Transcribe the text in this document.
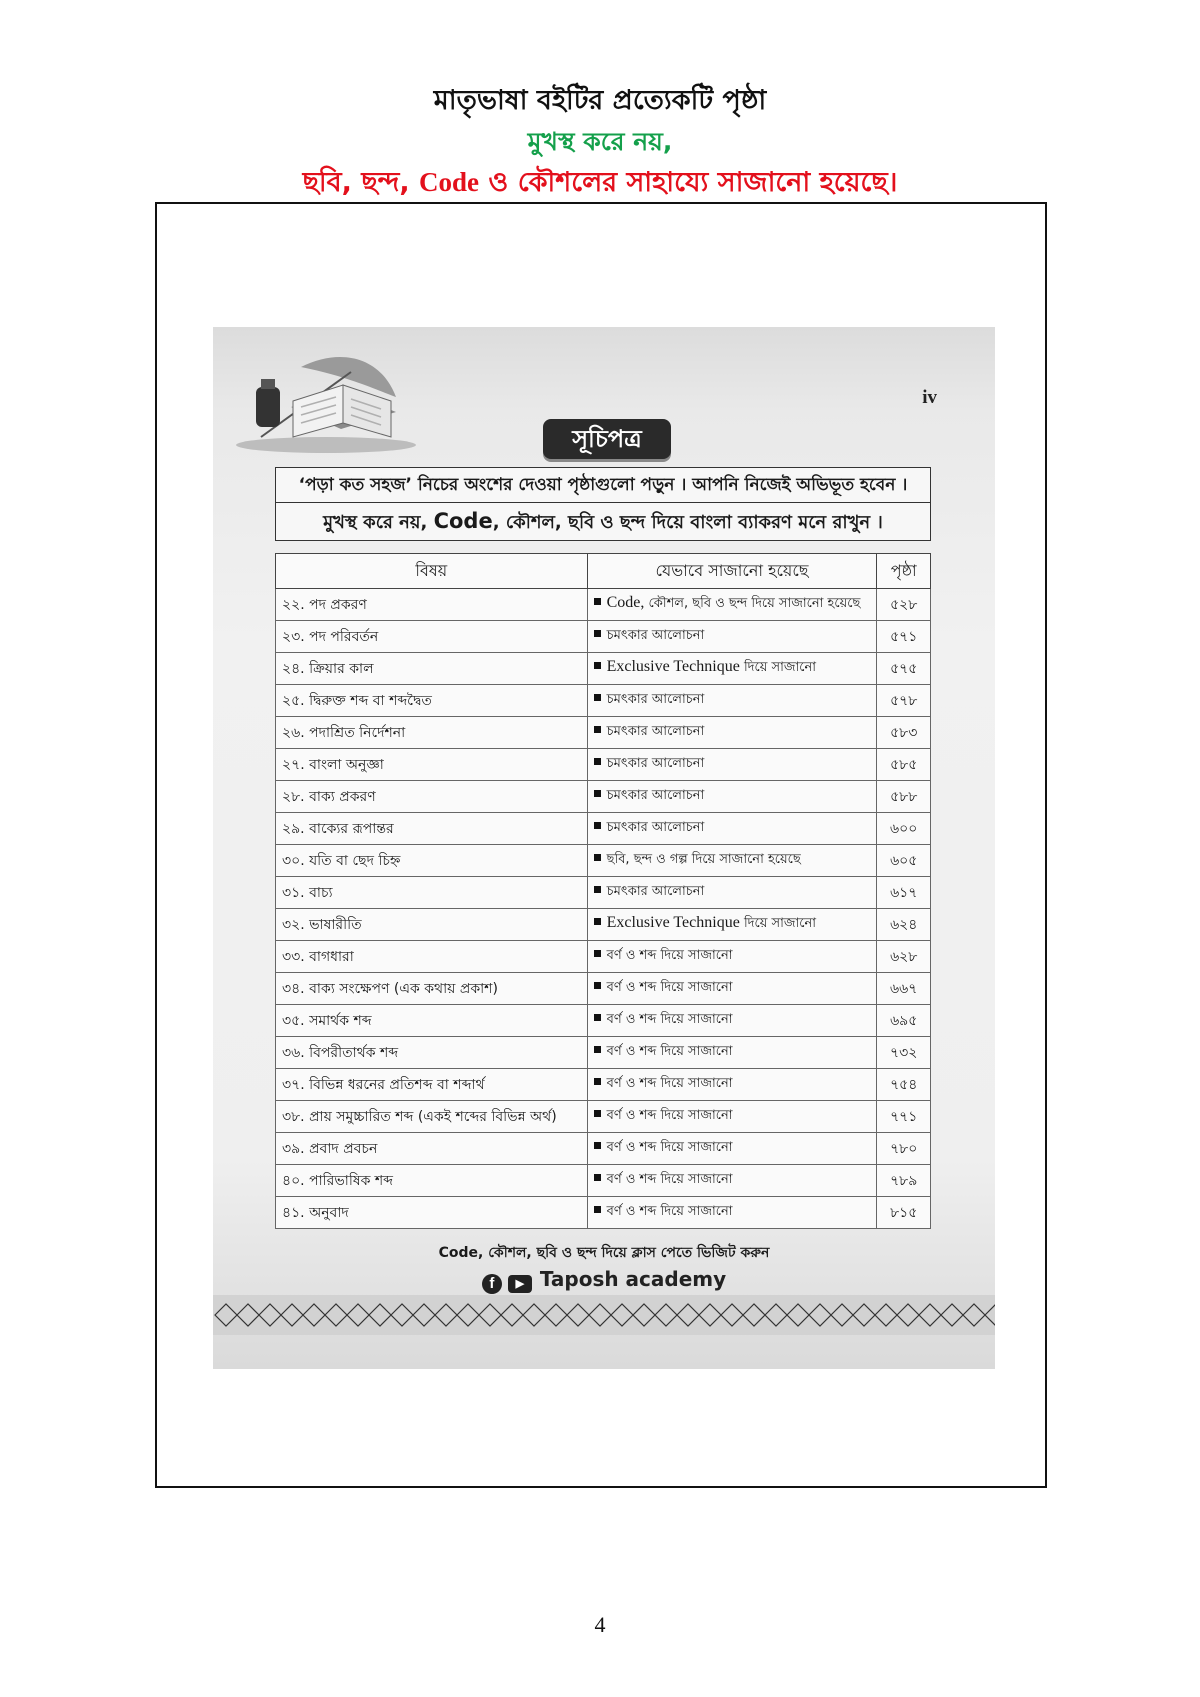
মাতৃভাষা বইটির প্রত্যেকটি পৃষ্ঠা
মুখস্থ করে নয়,
ছবি, ছন্দ, Code ও কৌশলের সাহায্যে সাজানো হয়েছে।
iv
সূচিপত্র
‘পড়া কত সহজ’ নিচের অংশের দেওয়া পৃষ্ঠাগুলো পড়ুন । আপনি নিজেই অভিভূত হবেন ।
মুখস্থ করে নয়, Code, কৌশল, ছবি ও ছন্দ দিয়ে বাংলা ব্যাকরণ মনে রাখুন ।
বিষয়	যেভাবে সাজানো হয়েছে	পৃষ্ঠা
২২. পদ প্রকরণ	Code, কৌশল, ছবি ও ছন্দ দিয়ে সাজানো হয়েছে	৫২৮
২৩. পদ পরিবর্তন	চমৎকার আলোচনা	৫৭১
২৪. ক্রিয়ার কাল	Exclusive Technique দিয়ে সাজানো	৫৭৫
২৫. দ্বিরুক্ত শব্দ বা শব্দদ্বৈত	চমৎকার আলোচনা	৫৭৮
২৬. পদাশ্রিত নির্দেশনা	চমৎকার আলোচনা	৫৮৩
২৭. বাংলা অনুজ্ঞা	চমৎকার আলোচনা	৫৮৫
২৮. বাক্য প্রকরণ	চমৎকার আলোচনা	৫৮৮
২৯. বাক্যের রূপান্তর	চমৎকার আলোচনা	৬০০
৩০. যতি বা ছেদ চিহ্ন	ছবি, ছন্দ ও গল্প দিয়ে সাজানো হয়েছে	৬০৫
৩১. বাচ্য	চমৎকার আলোচনা	৬১৭
৩২. ভাষারীতি	Exclusive Technique দিয়ে সাজানো	৬২৪
৩৩. বাগধারা	বর্ণ ও শব্দ দিয়ে সাজানো	৬২৮
৩৪. বাক্য সংক্ষেপণ (এক কথায় প্রকাশ)	বর্ণ ও শব্দ দিয়ে সাজানো	৬৬৭
৩৫. সমার্থক শব্দ	বর্ণ ও শব্দ দিয়ে সাজানো	৬৯৫
৩৬. বিপরীতার্থক শব্দ	বর্ণ ও শব্দ দিয়ে সাজানো	৭৩২
৩৭. বিভিন্ন ধরনের প্রতিশব্দ বা শব্দার্থ	বর্ণ ও শব্দ দিয়ে সাজানো	৭৫৪
৩৮. প্রায় সমুচ্চারিত শব্দ (একই শব্দের বিভিন্ন অর্থ)	বর্ণ ও শব্দ দিয়ে সাজানো	৭৭১
৩৯. প্রবাদ প্রবচন	বর্ণ ও শব্দ দিয়ে সাজানো	৭৮০
৪০. পারিভাষিক শব্দ	বর্ণ ও শব্দ দিয়ে সাজানো	৭৮৯
৪১. অনুবাদ	বর্ণ ও শব্দ দিয়ে সাজানো	৮১৫
Code, কৌশল, ছবি ও ছন্দ দিয়ে ক্লাস পেতে ভিজিট করুন
f ▶ Taposh academy
4
